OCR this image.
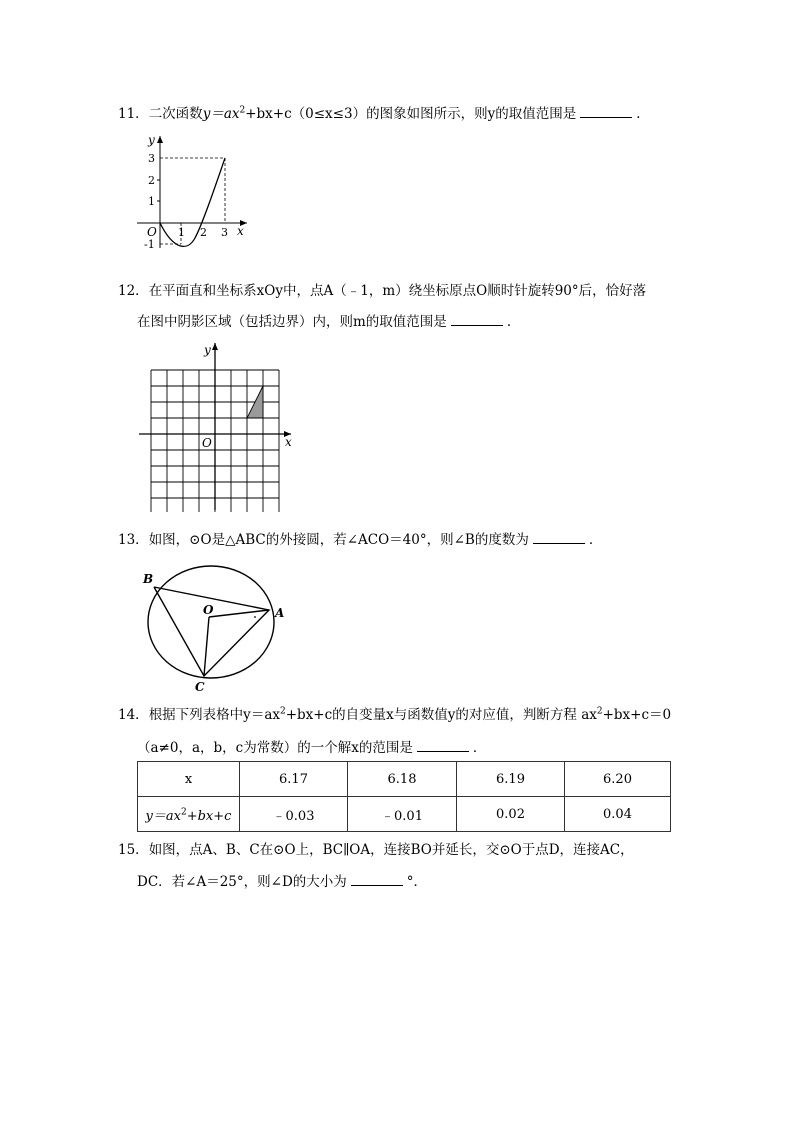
11．二次函数$y=ax^2+bx+c(0\le x\le 3)$的图象如图所示，则y的取值范围是	．
y
x
O
3
2
1
-1
1 2 3
12．在平面直和坐标系xOy中，点A（﹣1，m）绕坐标原点O顺时针旋转90°后，恰好落
在图中阴影区域（包括边界）内，则m的取值范围是	．
y
x
O
13．如图，⊙O是△ABC的外接圆，若∠ACO＝40°，则∠B的度数为	．
B
O	A
C
14．根据下列表格中$y=ax^2+bx+c$的自变量x与函数值y的对应值，判断方程 $ax^2+bx+c=0$
（a≠0，a，b，c为常数）的一个解x的范围是	．
x	6.17	6.18	6.19	6.20
$y=ax^2+bx+c$	﹣0.03	﹣0.01	0.02	0.04
15．如图，点A、B、C在⊙O上，BC∥OA，连接BO并延长，交⊙O于点D，连接AC，
DC．若∠A＝25°，则∠D的大小为	°．
